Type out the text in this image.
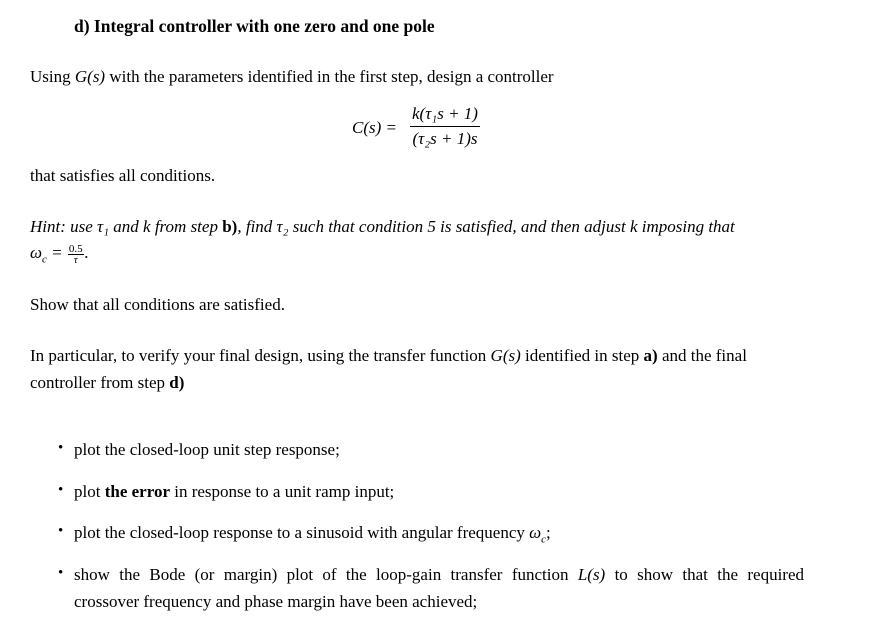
d) Integral controller with one zero and one pole
Using G(s) with the parameters identified in the first step, design a controller
C(s) =
k(τ₁s + 1)
(τ₂s + 1)s
that satisfies all conditions.
Hint: use τ₁ and k from step b), find τ₂ such that condition 5 is satisfied, and then adjust k imposing that
$\omega_c = \frac{0.5}{\tau}$ .
Show that all conditions are satisfied.
In particular, to verify your final design, using the transfer function G(s) identified in step a) and the final
controller from step d)
• plot the closed-loop unit step response;
• plot the error in response to a unit ramp input;
• plot the closed-loop response to a sinusoid with angular frequency $\omega_c$;
• show the Bode (or margin) plot of the loop-gain transfer function L(s) to show that the required
crossover frequency and phase margin have been achieved;
